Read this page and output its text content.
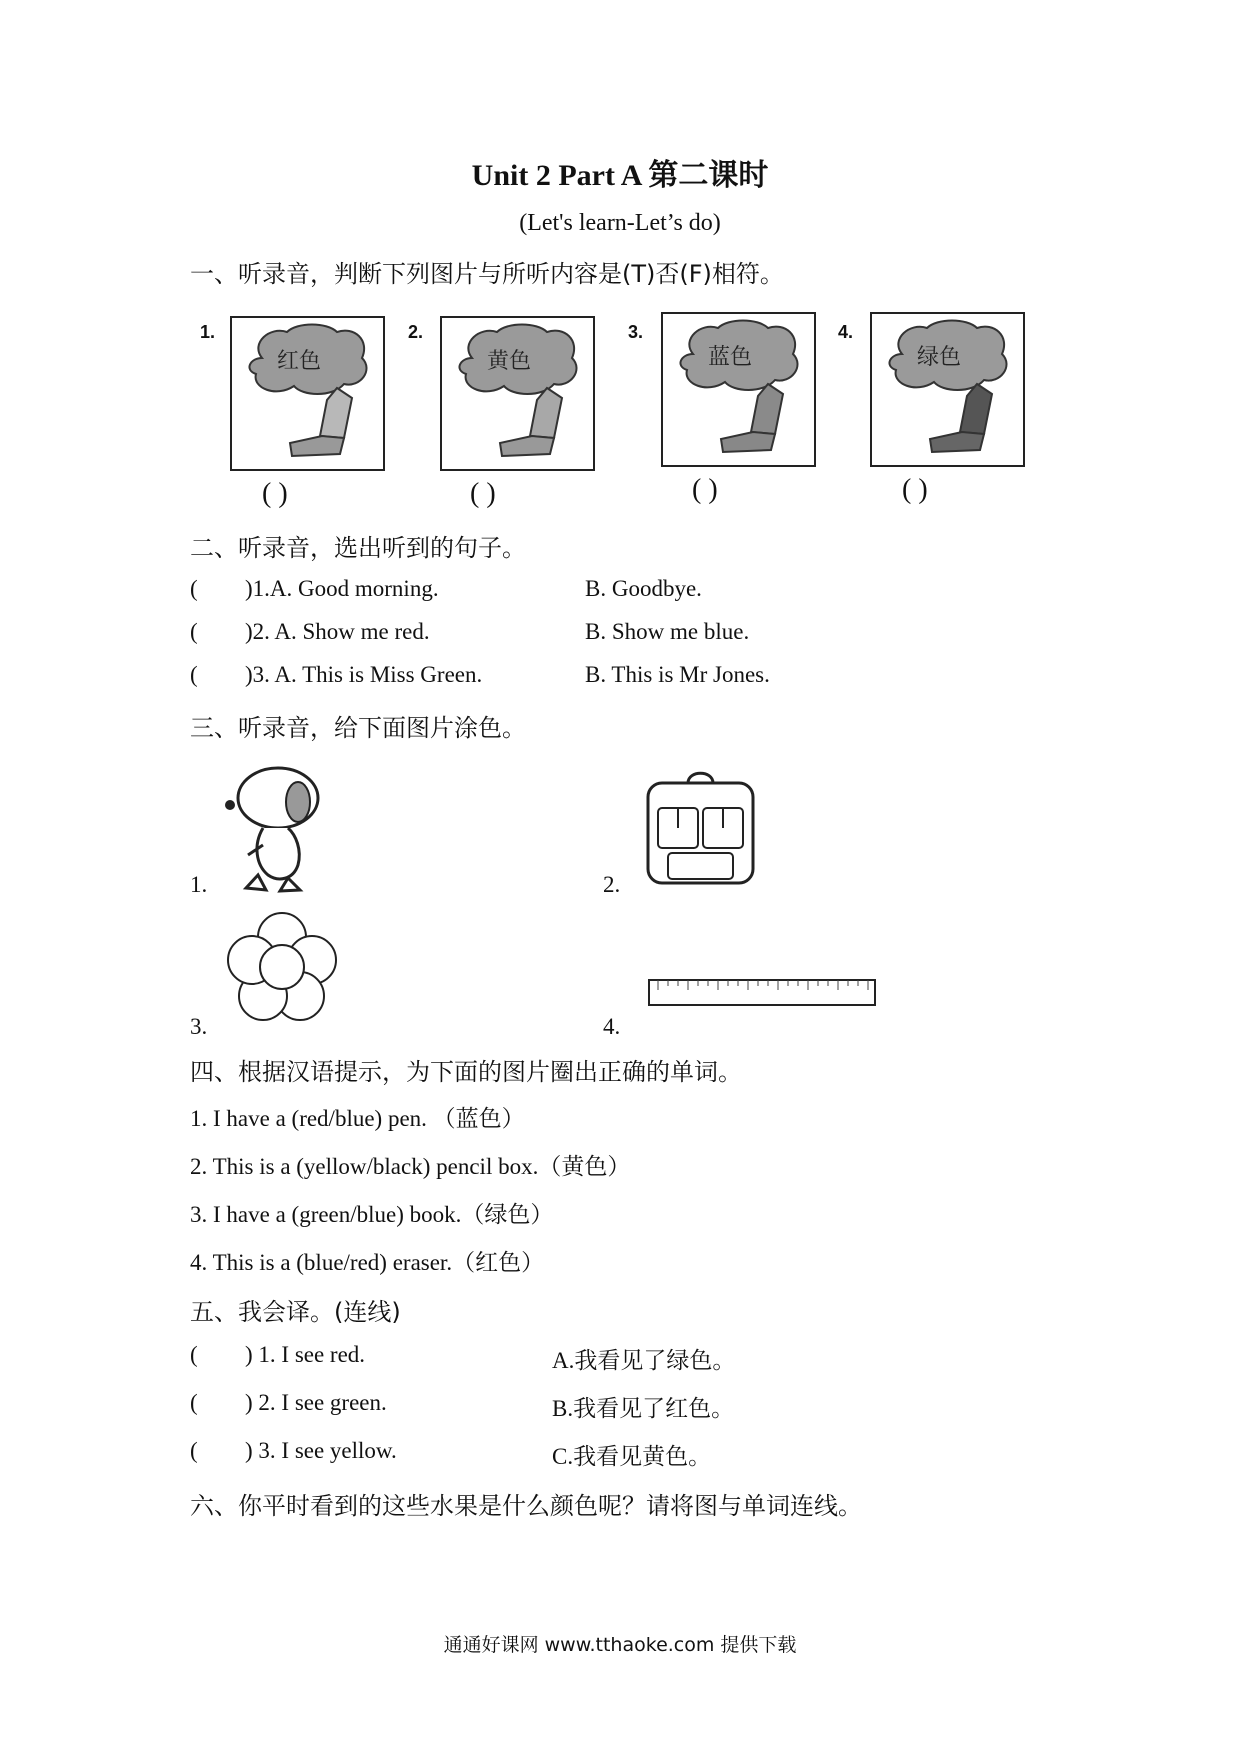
Unit 2 Part A 第二课时
(Let's learn-Let’s do)
一、听录音，判断下列图片与所听内容是(T)否(F)相符。
1.
红色
( )
2.
黄色
( )
3.
蓝色
( )
4.
绿色
( )
二、听录音，选出听到的句子。
( )1.A. Good morning.	B. Goodbye.
( )2. A. Show me red.	B. Show me blue.
( )3. A. This is Miss Green.	B. This is Mr Jones.
三、听录音，给下面图片涂色。
1.	2.
3.	4.
四、根据汉语提示，为下面的图片圈出正确的单词。
1. I have a (red/blue) pen. （蓝色）
2. This is a (yellow/black) pencil box.（黄色）
3. I have a (green/blue) book.（绿色）
4. This is a (blue/red) eraser.（红色）
五、我会译。(连线)
( ) 1. I see red.	A.我看见了绿色。
( ) 2. I see green.	B.我看见了红色。
( ) 3. I see yellow.	C.我看见黄色。
六、你平时看到的这些水果是什么颜色呢？请将图与单词连线。
通通好课网 www.tthaoke.com 提供下载
